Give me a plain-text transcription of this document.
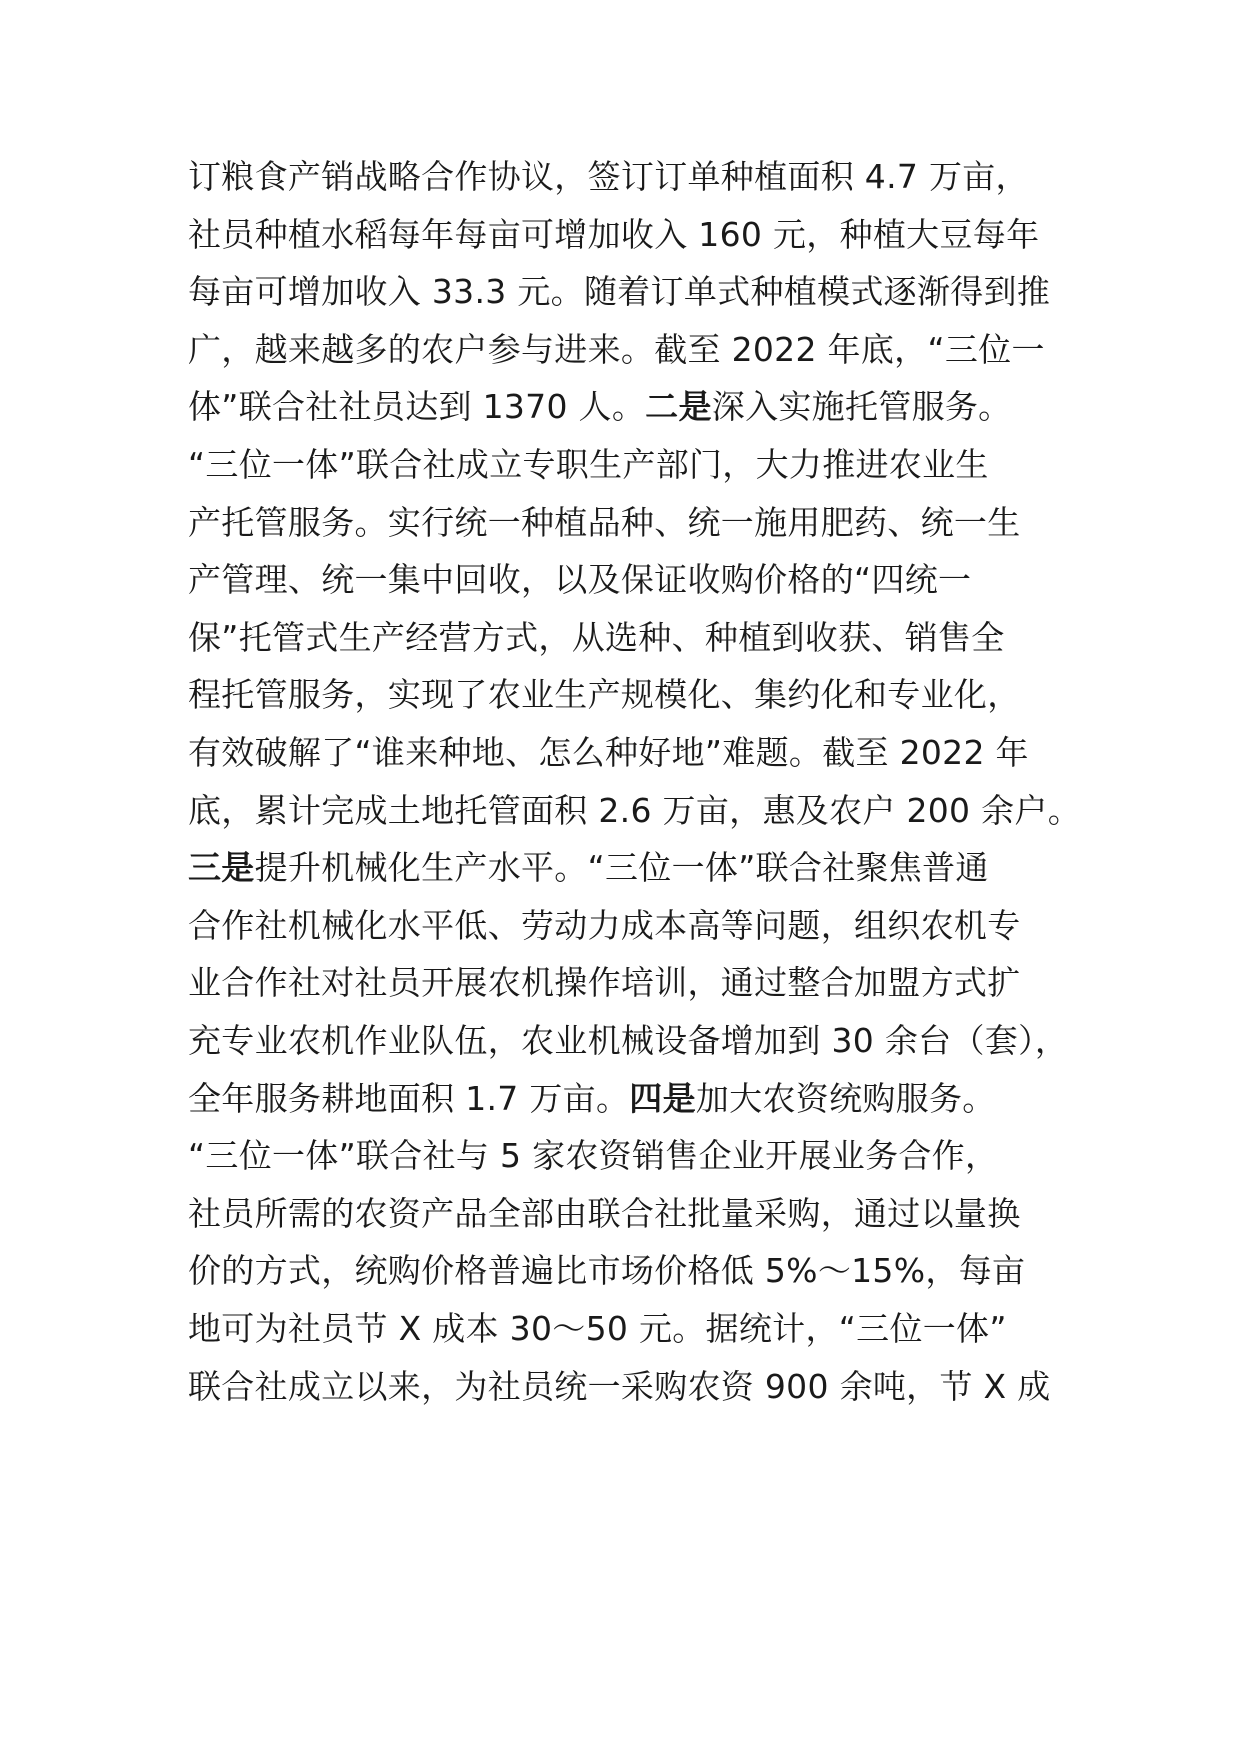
订粮食产销战略合作协议，签订订单种植面积 4.7 万亩，
社员种植水稻每年每亩可增加收入 160 元，种植大豆每年
每亩可增加收入 33.3 元。随着订单式种植模式逐渐得到推
广，越来越多的农户参与进来。截至 2022 年底，“三位一
体”联合社社员达到 1370 人。二是深入实施托管服务。
“三位一体”联合社成立专职生产部门，大力推进农业生
产托管服务。实行统一种植品种、统一施用肥药、统一生
产管理、统一集中回收，以及保证收购价格的“四统一
保”托管式生产经营方式，从选种、种植到收获、销售全
程托管服务，实现了农业生产规模化、集约化和专业化，
有效破解了“谁来种地、怎么种好地”难题。截至 2022 年
底，累计完成土地托管面积 2.6 万亩，惠及农户 200 余户。
三是提升机械化生产水平。“三位一体”联合社聚焦普通
合作社机械化水平低、劳动力成本高等问题，组织农机专
业合作社对社员开展农机操作培训，通过整合加盟方式扩
充专业农机作业队伍，农业机械设备增加到 30 余台（套），
全年服务耕地面积 1.7 万亩。四是加大农资统购服务。
“三位一体”联合社与 5 家农资销售企业开展业务合作，
社员所需的农资产品全部由联合社批量采购，通过以量换
价的方式，统购价格普遍比市场价格低 5%～15%，每亩
地可为社员节 X 成本 30～50 元。据统计，“三位一体”
联合社成立以来，为社员统一采购农资 900 余吨，节 X 成
